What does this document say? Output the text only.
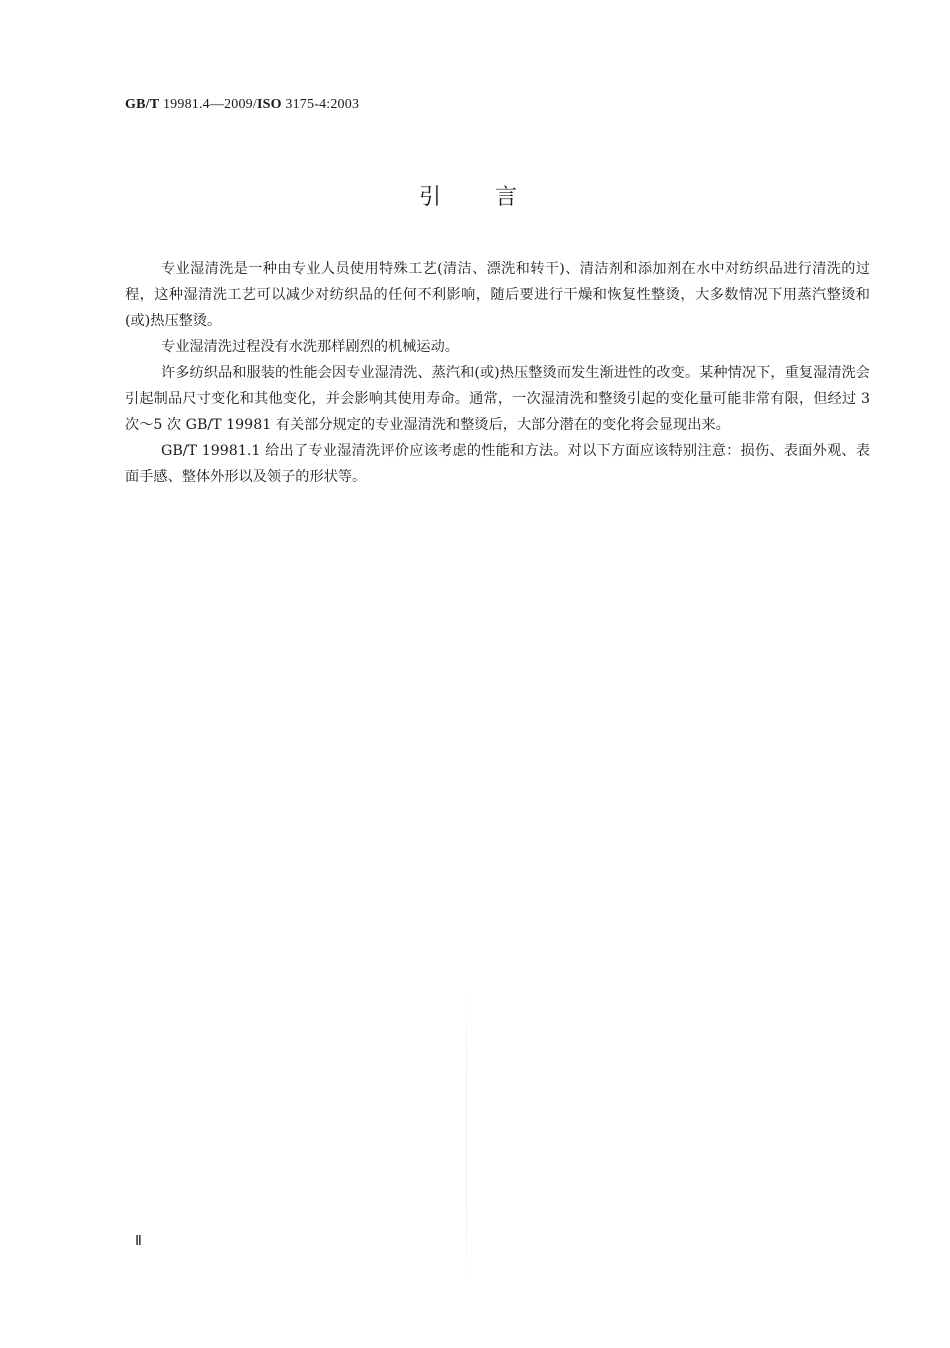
GB/T 19981.4—2009/ISO 3175-4:2003
引言

专业湿清洗是一种由专业人员使用特殊工艺(清洁、漂洗和转干)、清洁剂和添加剂在水中对纺织品进行清洗的过程，这种湿清洗工艺可以减少对纺织品的任何不利影响，随后要进行干燥和恢复性整烫，大多数情况下用蒸汽整烫和(或)热压整烫。

专业湿清洗过程没有水洗那样剧烈的机械运动。

许多纺织品和服装的性能会因专业湿清洗、蒸汽和(或)热压整烫而发生渐进性的改变。某种情况下，重复湿清洗会引起制品尺寸变化和其他变化，并会影响其使用寿命。通常，一次湿清洗和整烫引起的变化量可能非常有限，但经过 3 次～5 次 GB/T 19981 有关部分规定的专业湿清洗和整烫后，大部分潜在的变化将会显现出来。

GB/T 19981.1 给出了专业湿清洗评价应该考虑的性能和方法。对以下方面应该特别注意：损伤、表面外观、表面手感、整体外形以及领子的形状等。

Ⅱ
